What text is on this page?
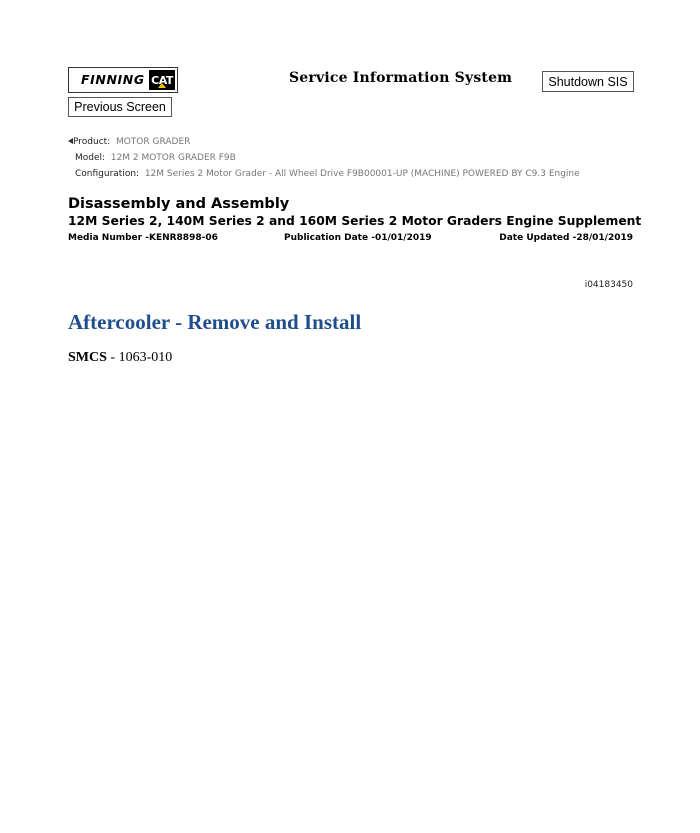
FINNING CAT	Service Information System	Shutdown SIS
Previous Screen
Product: MOTOR GRADER
Model: 12M 2 MOTOR GRADER F9B
Configuration: 12M Series 2 Motor Grader - All Wheel Drive F9B00001-UP (MACHINE) POWERED BY C9.3 Engine
Disassembly and Assembly
12M Series 2, 140M Series 2 and 160M Series 2 Motor Graders Engine Supplement
Media Number -KENR8898-06	Publication Date -01/01/2019	Date Updated -28/01/2019
i04183450
Aftercooler - Remove and Install
SMCS - 1063-010
